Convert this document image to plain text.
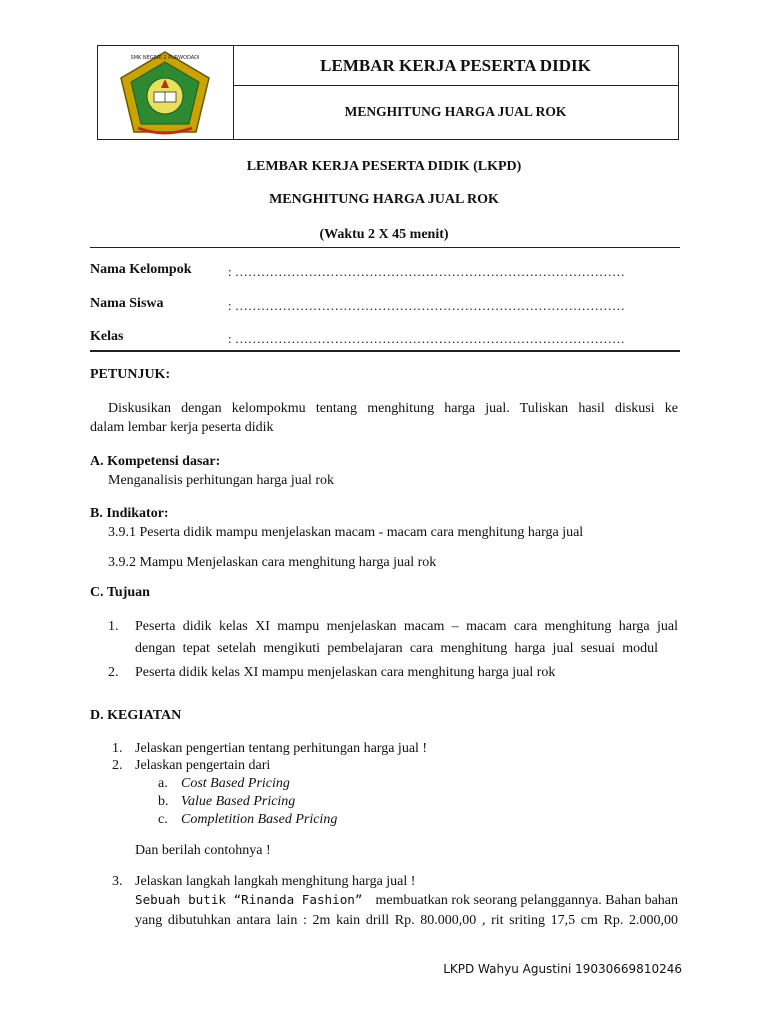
SMK NEGERI 2 PURWODADI	LEMBAR KERJA PESERTA DIDIK
MENGHITUNG HARGA JUAL ROK
LEMBAR KERJA PESERTA DIDIK (LKPD)
MENGHITUNG HARGA JUAL ROK
(Waktu 2 X 45 menit)
Nama Kelompok	: ………………………………………………………………………………
Nama Siswa	: ………………………………………………………………………………
Kelas	: ………………………………………………………………………………
PETUNJUK:
Diskusikan dengan kelompokmu tentang menghitung harga jual. Tuliskan hasil diskusi ke
dalam lembar kerja peserta didik
A. Kompetensi dasar:
Menganalisis perhitungan harga jual rok
B. Indikator:
3.9.1 Peserta didik mampu menjelaskan macam - macam cara menghitung harga jual
3.9.2 Mampu Menjelaskan cara menghitung harga jual rok
C. Tujuan
1. Peserta didik kelas XI mampu menjelaskan macam – macam cara menghitung harga jual
dengan tepat setelah mengikuti pembelajaran cara menghitung harga jual sesuai modul
2. Peserta didik kelas XI mampu menjelaskan cara menghitung harga jual rok
D. KEGIATAN
1. Jelaskan pengertian tentang perhitungan harga jual !
2. Jelaskan pengertain dari
a. Cost Based Pricing
b. Value Based Pricing
c. Completition Based Pricing
Dan berilah contohnya !
3. Jelaskan langkah langkah menghitung harga jual !
Sebuah butik “Rinanda Fashion” membuatkan rok seorang pelanggannya. Bahan bahan
yang dibutuhkan antara lain : 2m kain drill Rp. 80.000,00 , rit sriting 17,5 cm Rp. 2.000,00
LKPD Wahyu Agustini 19030669810246
